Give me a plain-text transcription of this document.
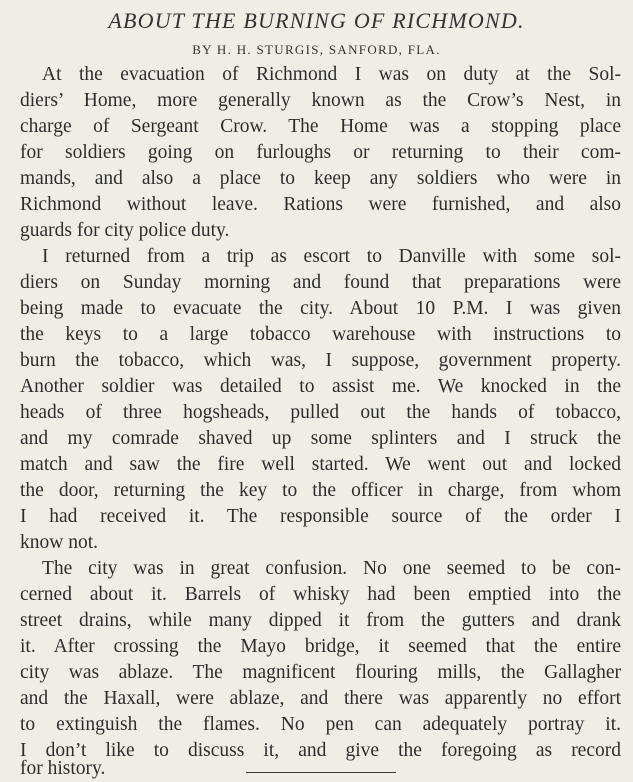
ABOUT THE BURNING OF RICHMOND.
BY H. H. STURGIS, SANFORD, FLA.
At the evacuation of Richmond I was on duty at the Sol-
diers’ Home, more generally known as the Crow’s Nest, in
charge of Sergeant Crow. The Home was a stopping place
for soldiers going on furloughs or returning to their com-
mands, and also a place to keep any soldiers who were in
Richmond without leave. Rations were furnished, and also
guards for city police duty.
I returned from a trip as escort to Danville with some sol-
diers on Sunday morning and found that preparations were
being made to evacuate the city. About 10 P.M. I was given
the keys to a large tobacco warehouse with instructions to
burn the tobacco, which was, I suppose, government property.
Another soldier was detailed to assist me. We knocked in the
heads of three hogsheads, pulled out the hands of tobacco,
and my comrade shaved up some splinters and I struck the
match and saw the fire well started. We went out and locked
the door, returning the key to the officer in charge, from whom
I had received it. The responsible source of the order I
know not.
The city was in great confusion. No one seemed to be con-
cerned about it. Barrels of whisky had been emptied into the
street drains, while many dipped it from the gutters and drank
it. After crossing the Mayo bridge, it seemed that the entire
city was ablaze. The magnificent flouring mills, the Gallagher
and the Haxall, were ablaze, and there was apparently no effort
to extinguish the flames. No pen can adequately portray it.
I don’t like to discuss it, and give the foregoing as record
for history.
